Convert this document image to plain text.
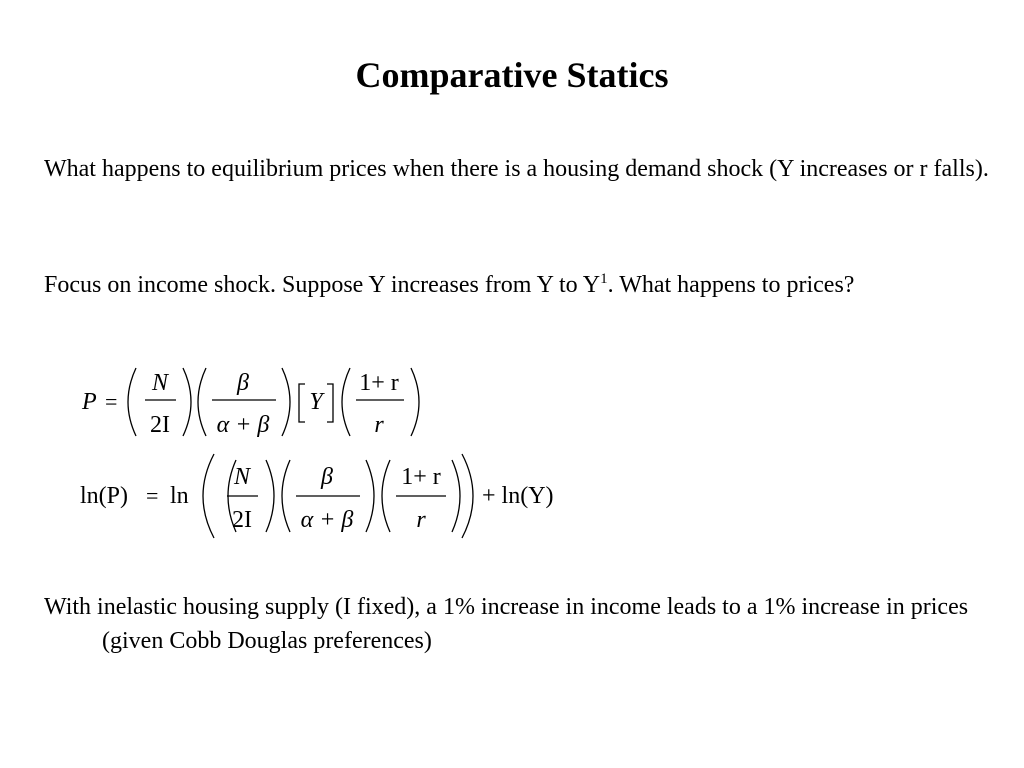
Comparative Statics
What happens to equilibrium prices when there is a housing demand shock (Y increases or r falls).
Focus on income shock. Suppose Y increases from Y to $Y^1$. What happens to prices?
P =
N
2I
β
α + β
Y
1+ r
r
ln(P) = ln
N
2I
β
α + β
1+ r
r
+ ln(Y)
With inelastic housing supply (I fixed), a 1% increase in income leads to a 1% increase in prices (given Cobb Douglas preferences)
